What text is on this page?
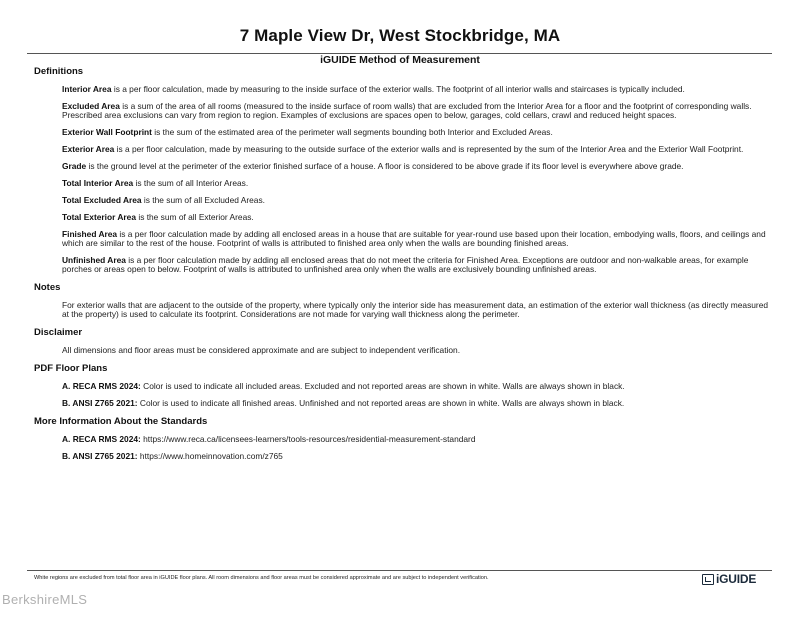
7 Maple View Dr, West Stockbridge, MA
iGUIDE Method of Measurement
Definitions
Interior Area is a per floor calculation, made by measuring to the inside surface of the exterior walls. The footprint of all interior walls and staircases is typically included.
Excluded Area is a sum of the area of all rooms (measured to the inside surface of room walls) that are excluded from the Interior Area for a floor and the footprint of corresponding walls. Prescribed area exclusions can vary from region to region. Examples of exclusions are spaces open to below, garages, cold cellars, crawl and reduced height spaces.
Exterior Wall Footprint is the sum of the estimated area of the perimeter wall segments bounding both Interior and Excluded Areas.
Exterior Area is a per floor calculation, made by measuring to the outside surface of the exterior walls and is represented by the sum of the Interior Area and the Exterior Wall Footprint.
Grade is the ground level at the perimeter of the exterior finished surface of a house. A floor is considered to be above grade if its floor level is everywhere above grade.
Total Interior Area is the sum of all Interior Areas.
Total Excluded Area is the sum of all Excluded Areas.
Total Exterior Area is the sum of all Exterior Areas.
Finished Area is a per floor calculation made by adding all enclosed areas in a house that are suitable for year-round use based upon their location, embodying walls, floors, and ceilings and which are similar to the rest of the house. Footprint of walls is attributed to finished area only when the walls are bounding finished areas.
Unfinished Area is a per floor calculation made by adding all enclosed areas that do not meet the criteria for Finished Area. Exceptions are outdoor and non-walkable areas, for example porches or areas open to below. Footprint of walls is attributed to unfinished area only when the walls are exclusively bounding unfinished areas.
Notes
For exterior walls that are adjacent to the outside of the property, where typically only the interior side has measurement data, an estimation of the exterior wall thickness (as directly measured at the property) is used to calculate its footprint. Considerations are not made for varying wall thickness along the perimeter.
Disclaimer
All dimensions and floor areas must be considered approximate and are subject to independent verification.
PDF Floor Plans
A. RECA RMS 2024: Color is used to indicate all included areas. Excluded and not reported areas are shown in white. Walls are always shown in black.
B. ANSI Z765 2021: Color is used to indicate all finished areas. Unfinished and not reported areas are shown in white. Walls are always shown in black.
More Information About the Standards
A. RECA RMS 2024: https://www.reca.ca/licensees-learners/tools-resources/residential-measurement-standard
B. ANSI Z765 2021: https://www.homeinnovation.com/z765
White regions are excluded from total floor area in iGUIDE floor plans. All room dimensions and floor areas must be considered approximate and are subject to independent verification.	iGUIDE
BerkshireMLS
